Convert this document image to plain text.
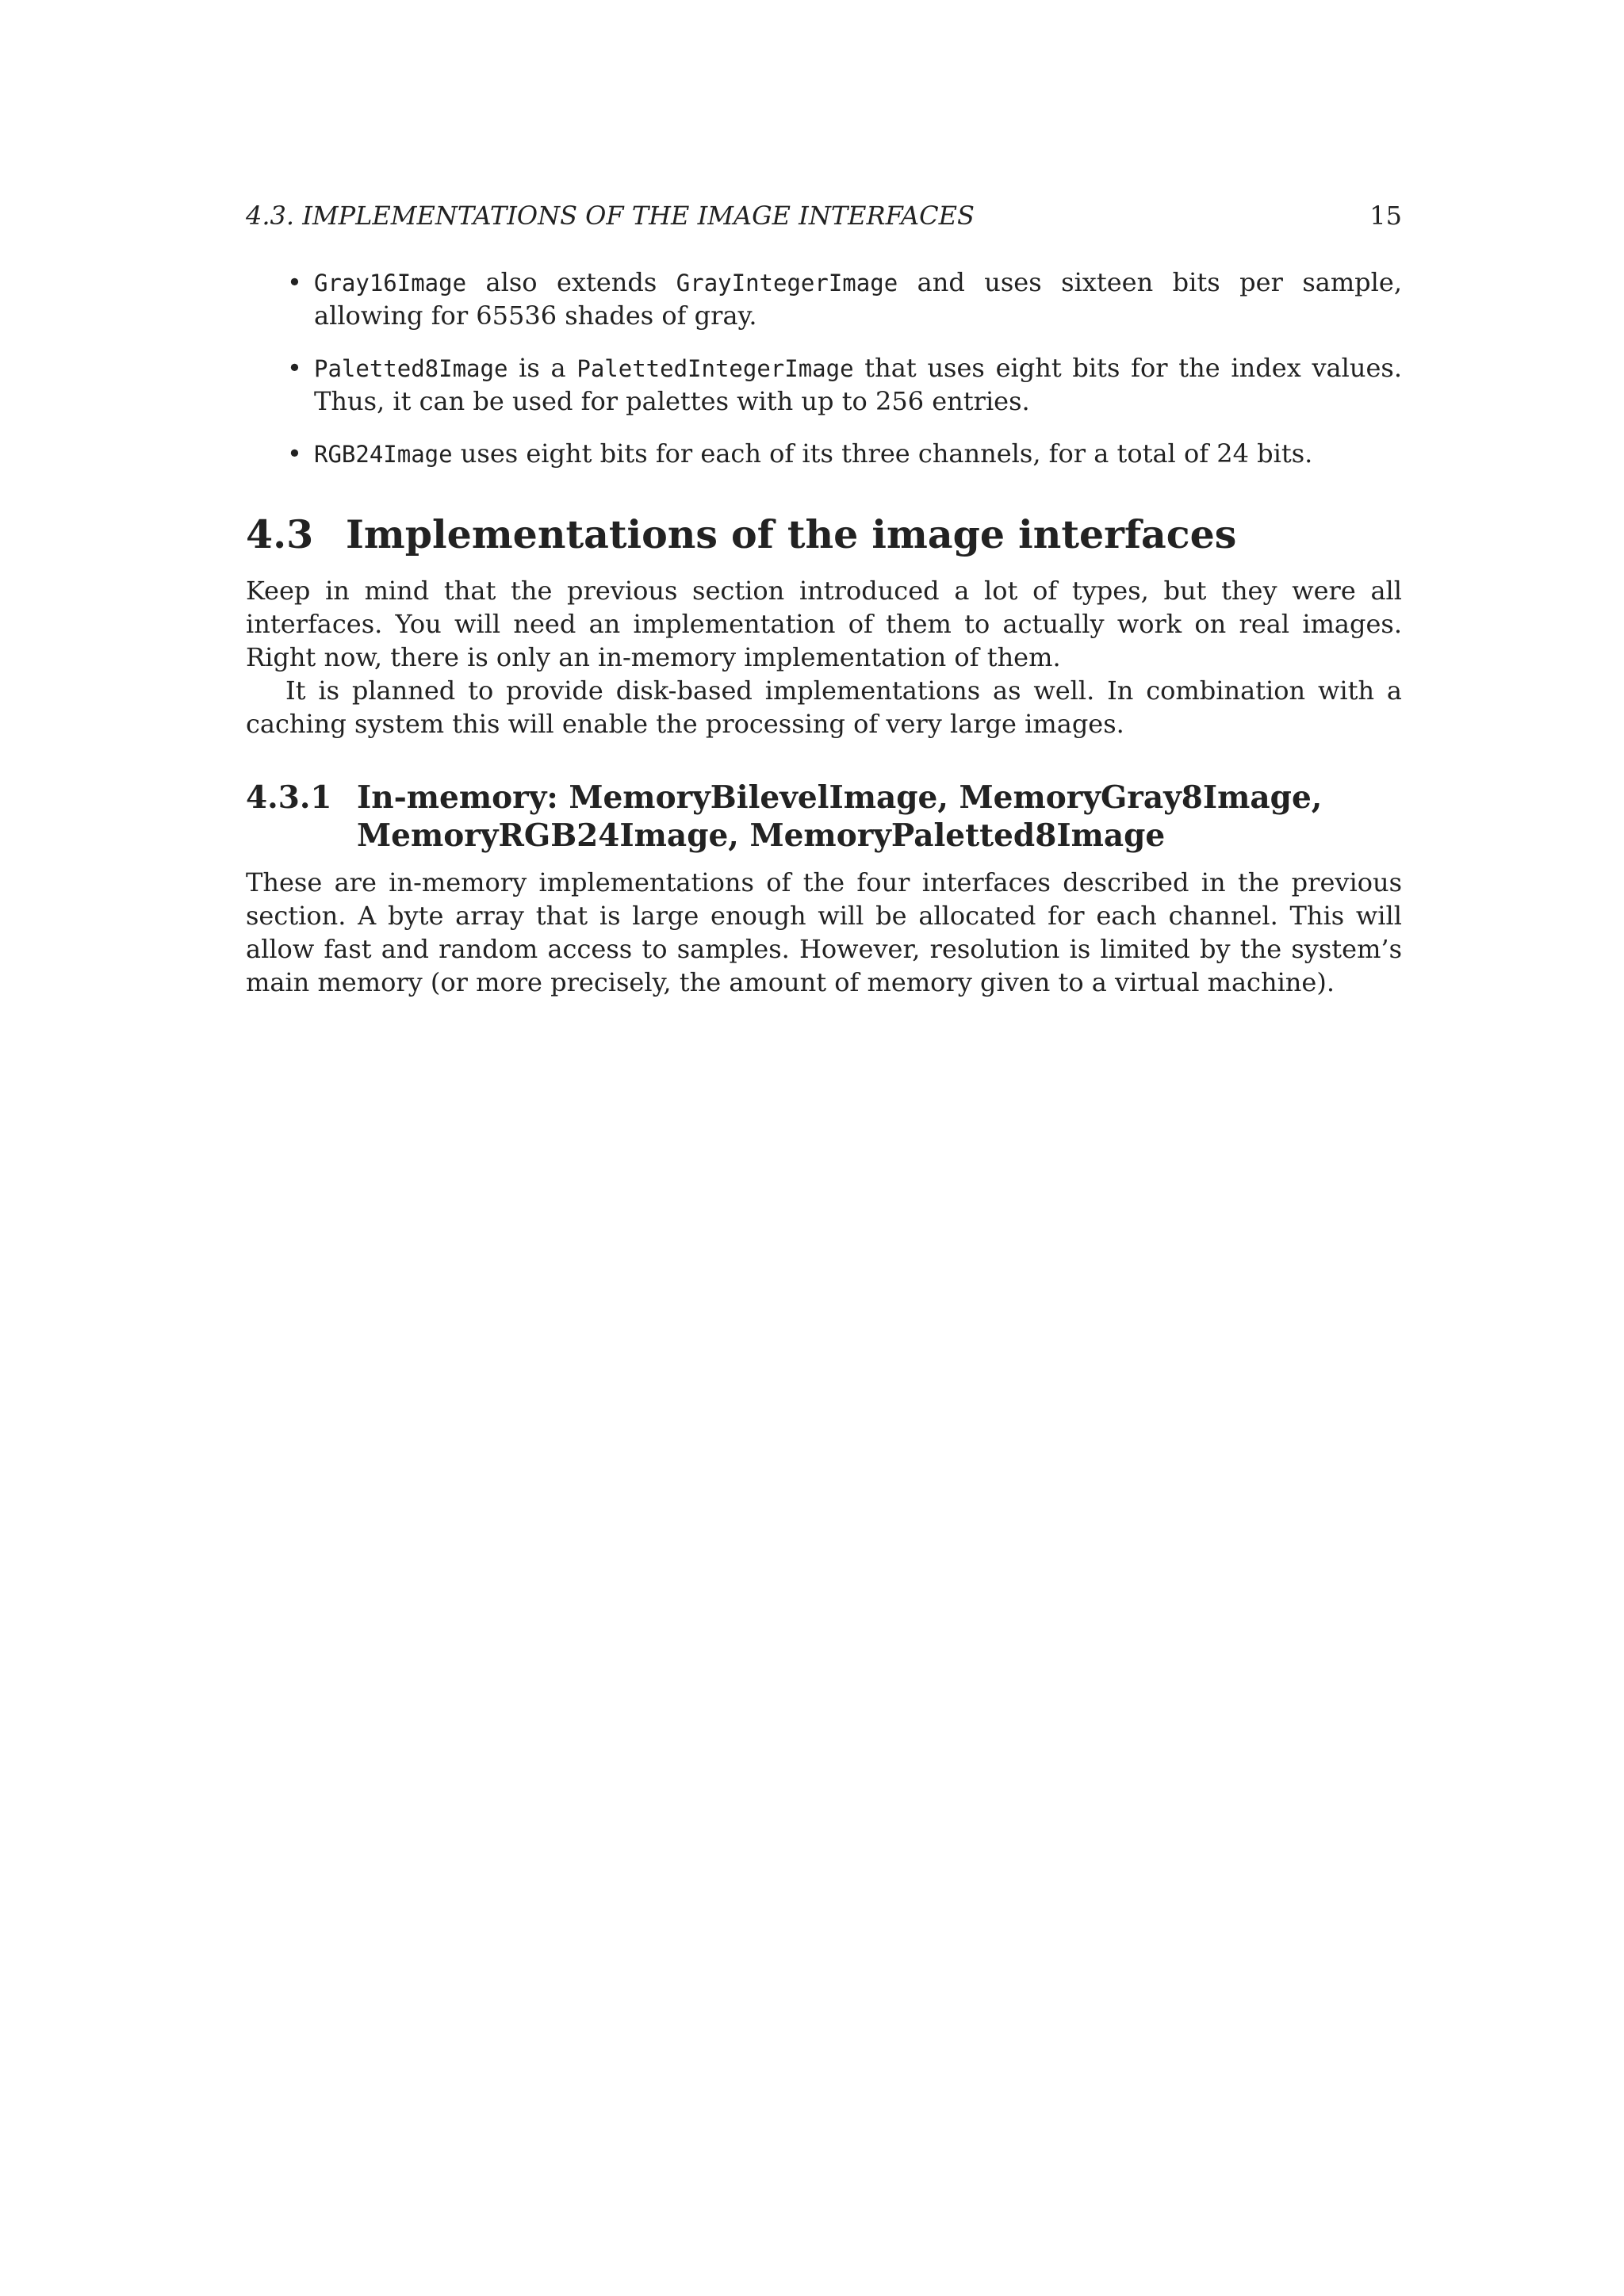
4.3. IMPLEMENTATIONS OF THE IMAGE INTERFACES	15
• Gray16Image also extends GrayIntegerImage and uses sixteen bits per sample, allowing for 65536 shades of gray.
• Paletted8Image is a PalettedIntegerImage that uses eight bits for the index values. Thus, it can be used for palettes with up to 256 entries.
• RGB24Image uses eight bits for each of its three channels, for a total of 24 bits.
4.3 Implementations of the image interfaces

Keep in mind that the previous section introduced a lot of types, but they were all interfaces. You will need an implementation of them to actually work on real images. Right now, there is only an in-memory implementation of them.

It is planned to provide disk-based implementations as well. In combination with a caching system this will enable the processing of very large images.

4.3.1 In-memory: MemoryBilevelImage, MemoryGray8Image, MemoryRGB24Image, MemoryPaletted8Image

These are in-memory implementations of the four interfaces described in the previous section. A byte array that is large enough will be allocated for each channel. This will allow fast and random access to samples. However, resolution is limited by the system’s main memory (or more precisely, the amount of memory given to a virtual machine).
